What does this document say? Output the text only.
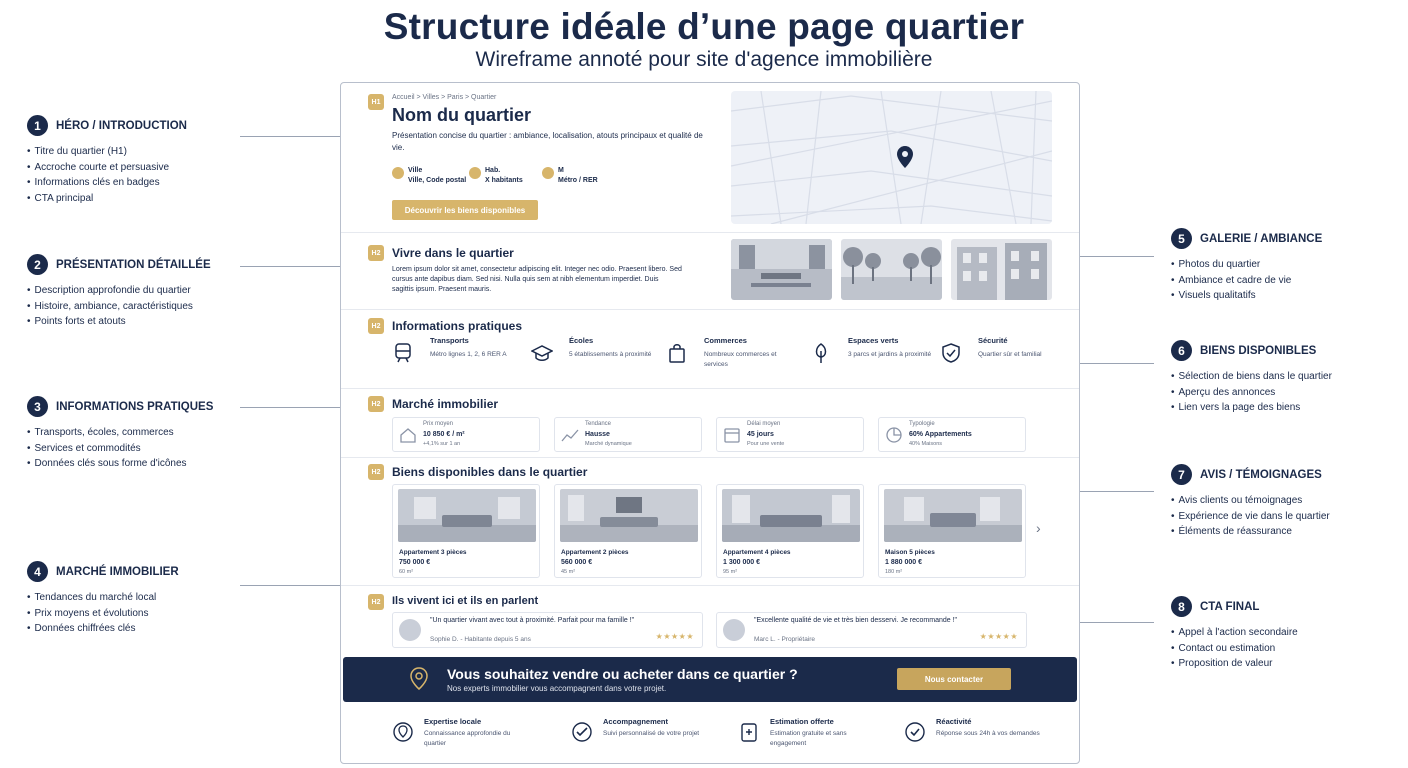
Structure idéale d’une page quartier
Wireframe annoté pour site d'agence immobilière
1	HÉRO / INTRODUCTION
• Titre du quartier (H1)
• Accroche courte et persuasive
• Informations clés en badges
• CTA principal
2	PRÉSENTATION DÉTAILLÉE
• Description approfondie du quartier
• Histoire, ambiance, caractéristiques
• Points forts et atouts
3	INFORMATIONS PRATIQUES
• Transports, écoles, commerces
• Services et commodités
• Données clés sous forme d'icônes
4	MARCHÉ IMMOBILIER
• Tendances du marché local
• Prix moyens et évolutions
• Données chiffrées clés
5	GALERIE / AMBIANCE
• Photos du quartier
• Ambiance et cadre de vie
• Visuels qualitatifs
6	BIENS DISPONIBLES
• Sélection de biens dans le quartier
• Aperçu des annonces
• Lien vers la page des biens
7	AVIS / TÉMOIGNAGES
• Avis clients ou témoignages
• Expérience de vie dans le quartier
• Éléments de réassurance
8	CTA FINAL
• Appel à l'action secondaire
• Contact ou estimation
• Proposition de valeur
H1
Accueil > Villes > Paris > Quartier
Nom du quartier
Présentation concise du quartier : ambiance, localisation, atouts principaux et qualité de vie.
Ville
Ville, Code postal
Hab.
X habitants
M
Métro / RER
Découvrir les biens disponibles
H2 Vivre dans le quartier
Lorem ipsum dolor sit amet, consectetur adipiscing elit. Integer nec odio. Praesent libero. Sed cursus ante dapibus diam. Sed nisi. Nulla quis sem at nibh elementum imperdiet. Duis sagittis ipsum. Praesent mauris.
H2 Informations pratiques
Transports
Métro lignes 1, 2, 6 RER A
Écoles
5 établissements à proximité
Commerces
Nombreux commerces et services
Espaces verts
3 parcs et jardins à proximité
Sécurité
Quartier sûr et familial
H2 Marché immobilier
Prix moyen
10 850 € / m²
+4,1% sur 1 an
Tendance
Hausse
Marché dynamique
Délai moyen
45 jours
Pour une vente
Typologie
60% Appartements
40% Maisons
H2 Biens disponibles dans le quartier
Appartement 3 pièces
750 000 €
60 m²
Appartement 2 pièces
560 000 €
45 m²
Appartement 4 pièces
1 300 000 €
95 m²
Maison 5 pièces
1 880 000 €
180 m²
›
H2	Ils vivent ici et ils en parlent
"Un quartier vivant avec tout à proximité. Parfait pour ma famille !"
Sophie D. - Habitante depuis 5 ans	★★★★★
"Excellente qualité de vie et très bien desservi. Je recommande !"
Marc L. - Propriétaire	★★★★★
Vous souhaitez vendre ou acheter dans ce quartier ?
Nos experts immobilier vous accompagnent dans votre projet.
Nous contacter
Expertise locale
Connaissance approfondie du quartier
Accompagnement
Suivi personnalisé de votre projet
Estimation offerte
Estimation gratuite et sans engagement
Réactivité
Réponse sous 24h à vos demandes
